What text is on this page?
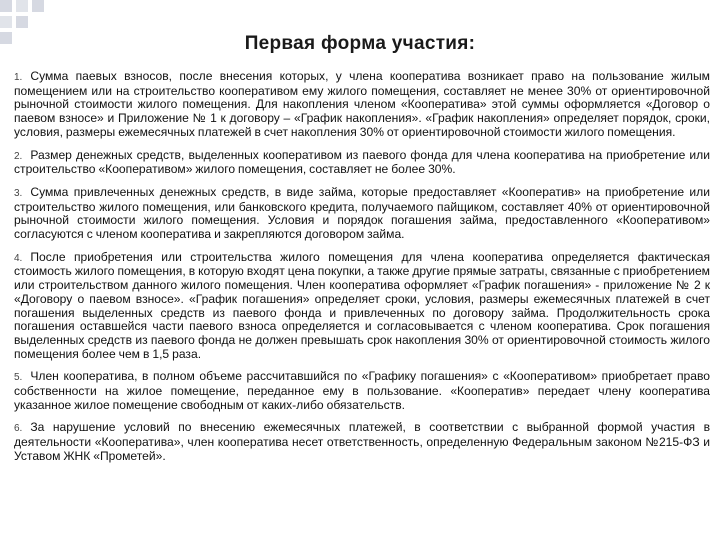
Первая форма участия:
1. Сумма паевых взносов, после внесения которых, у члена кооператива возникает право на пользование жилым помещением или на строительство кооперативом ему жилого помещения, составляет не менее 30% от ориентировочной рыночной стоимости жилого помещения. Для накопления членом «Кооператива» этой суммы оформляется «Договор о паевом взносе» и Приложение № 1 к договору – «График накопления». «График накопления» определяет порядок, сроки, условия, размеры ежемесячных платежей в счет накопления 30% от ориентировочной стоимости жилого помещения.
2. Размер денежных средств, выделенных кооперативом из паевого фонда для члена кооператива на приобретение или строительство «Кооперативом» жилого помещения, составляет не более 30%.
3. Сумма привлеченных денежных средств, в виде займа, которые предоставляет «Кооператив» на приобретение или строительство жилого помещения, или банковского кредита, получаемого пайщиком, составляет 40% от ориентировочной рыночной стоимости жилого помещения. Условия и порядок погашения займа, предоставленного «Кооперативом» согласуются с членом кооператива и закрепляются договором займа.
4. После приобретения или строительства жилого помещения для члена кооператива определяется фактическая стоимость жилого помещения, в которую входят цена покупки, а также другие прямые затраты, связанные с приобретением или строительством данного жилого помещения. Член кооператива оформляет «График погашения» - приложение № 2 к «Договору о паевом взносе». «График погашения» определяет сроки, условия, размеры ежемесячных платежей в счет погашения выделенных средств из паевого фонда и привлеченных по договору займа. Продолжительность срока погашения оставшейся части паевого взноса определяется и согласовывается с членом кооператива. Срок погашения выделенных средств из паевого фонда не должен превышать срок накопления 30% от ориентировочной стоимость жилого помещения более чем в 1,5 раза.
5. Член кооператива, в полном объеме рассчитавшийся по «Графику погашения» с «Кооперативом» приобретает право собственности на жилое помещение, переданное ему в пользование. «Кооператив» передает члену кооператива указанное жилое помещение свободным от каких-либо обязательств.
6. За нарушение условий по внесению ежемесячных платежей, в соответствии с выбранной формой участия в деятельности «Кооператива», член кооператива несет ответственность, определенную Федеральным законом №215-ФЗ и Уставом ЖНК «Прометей».
